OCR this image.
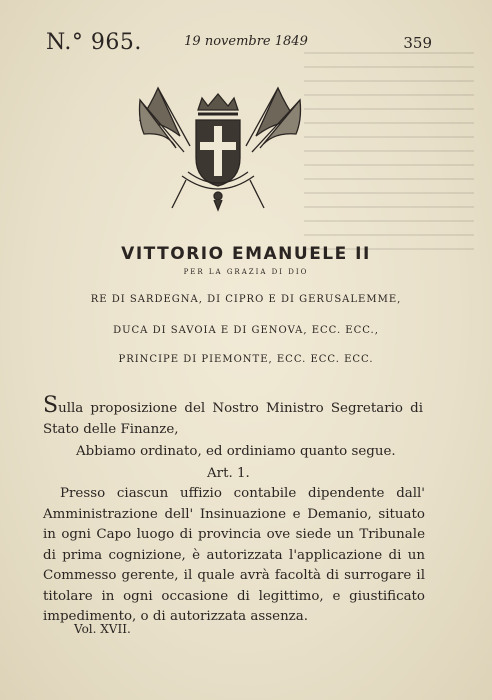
N.° 965.	19 novembre 1849	359
VITTORIO EMANUELE II
PER LA GRAZIA DI DIO
RE DI SARDEGNA, DI CIPRO E DI GERUSALEMME,
DUCA DI SAVOIA E DI GENOVA, ECC. ECC.,
PRINCIPE DI PIEMONTE, ECC. ECC. ECC.
Sulla proposizione del Nostro Ministro Segretario di Stato delle Finanze,
Abbiamo ordinato, ed ordiniamo quanto segue.
Art. 1.
Presso ciascun uffizio contabile dipendente dall' Amministrazione dell' Insinuazione e Demanio, situato in ogni Capo luogo di provincia ove siede un Tribunale di prima cognizione, è autorizzata l'applicazione di un Commesso gerente, il quale avrà facoltà di surrogare il titolare in ogni occasione di legittimo, e giustificato impedimento, o di autorizzata assenza.
Vol. XVII.
